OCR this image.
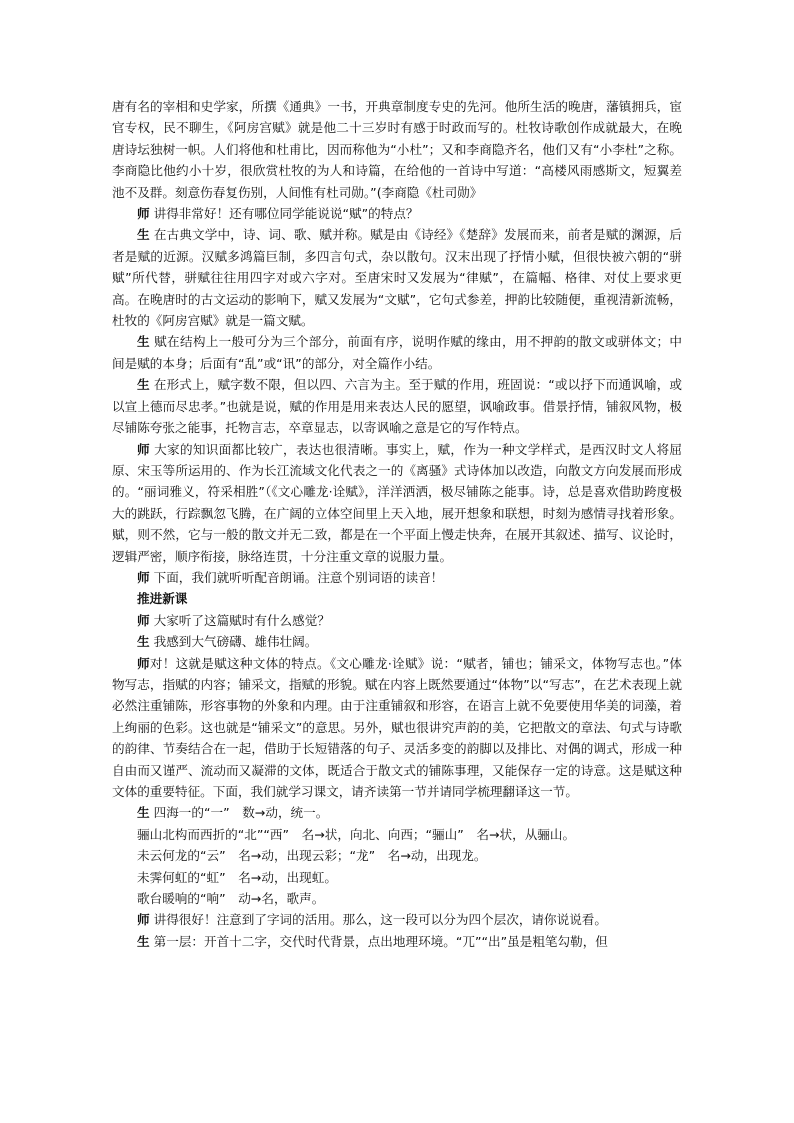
唐有名的宰相和史学家，所撰《通典》一书，开典章制度专史的先河。他所生活的晚唐，藩镇拥兵，宦官专权，民不聊生，《阿房宫赋》就是他二十三岁时有感于时政而写的。杜牧诗歌创作成就最大，在晚唐诗坛独树一帜。人们将他和杜甫比，因而称他为“小杜”；又和李商隐齐名，他们又有“小李杜”之称。李商隐比他约小十岁，很欣赏杜牧的为人和诗篇，在给他的一首诗中写道：“高楼风雨感斯文，短翼差池不及群。刻意伤春复伤别，人间惟有杜司勋。”(李商隐《杜司勋》

师 讲得非常好！还有哪位同学能说说“赋”的特点？

生 在古典文学中，诗、词、歌、赋并称。赋是由《诗经》《楚辞》发展而来，前者是赋的渊源，后者是赋的近源。汉赋多鸿篇巨制，多四言句式，杂以散句。汉末出现了抒情小赋，但很快被六朝的“骈赋”所代替，骈赋往往用四字对或六字对。至唐宋时又发展为“律赋”，在篇幅、格律、对仗上要求更高。在晚唐时的古文运动的影响下，赋又发展为“文赋”，它句式参差，押韵比较随便，重视清新流畅，杜牧的《阿房宫赋》就是一篇文赋。

生 赋在结构上一般可分为三个部分，前面有序，说明作赋的缘由，用不押韵的散文或骈体文；中间是赋的本身；后面有“乱”或“讯”的部分，对全篇作小结。

生 在形式上，赋字数不限，但以四、六言为主。至于赋的作用，班固说：“或以抒下而通讽喻，或以宣上德而尽忠孝。”也就是说，赋的作用是用来表达人民的愿望，讽喻政事。借景抒情，铺叙风物，极尽铺陈夸张之能事，托物言志，卒章显志，以寄讽喻之意是它的写作特点。

师 大家的知识面都比较广，表达也很清晰。事实上，赋，作为一种文学样式，是西汉时文人将屈原、宋玉等所运用的、作为长江流域文化代表之一的《离骚》式诗体加以改造，向散文方向发展而形成的。“丽词雅义，符采相胜”（《文心雕龙·诠赋》，洋洋洒洒，极尽铺陈之能事。诗，总是喜欢借助跨度极大的跳跃，行踪飘忽飞腾，在广阔的立体空间里上天入地，展开想象和联想，时刻为感情寻找着形象。赋，则不然，它与一般的散文并无二致，都是在一个平面上慢走快奔，在展开其叙述、描写、议论时，逻辑严密，顺序衔接，脉络连贯，十分注重文章的说服力量。

师 下面，我们就听听配音朗诵。注意个别词语的读音！

推进新课

师 大家听了这篇赋时有什么感觉？

生 我感到大气磅礴、雄伟壮阔。

师对！这就是赋这种文体的特点。《文心雕龙·诠赋》说：“赋者，铺也；铺采文，体物写志也。”体物写志，指赋的内容；铺采文，指赋的形貌。赋在内容上既然要通过“体物”以“写志”，在艺术表现上就必然注重铺陈，形容事物的外象和内理。由于注重铺叙和形容，在语言上就不免要使用华美的词藻，着上绚丽的色彩。这也就是“铺采文”的意思。另外，赋也很讲究声韵的美，它把散文的章法、句式与诗歌的韵律、节奏结合在一起，借助于长短错落的句子、灵活多变的韵脚以及排比、对偶的调式，形成一种自由而又谨严、流动而又凝滞的文体，既适合于散文式的铺陈事理，又能保存一定的诗意。这是赋这种文体的重要特征。下面，我们就学习课文，请齐读第一节并请同学梳理翻译这一节。

生 四海一的“一”　数→动，统一。

骊山北构而西折的“北”“西”　名→状，向北、向西；“骊山”　名→状，从骊山。

未云何龙的“云”　名→动，出现云彩；“龙”　名→动，出现龙。

未霁何虹的“虹”　名→动，出现虹。

歌台暖响的“响”　动→名，歌声。

师 讲得很好！注意到了字词的活用。那么，这一段可以分为四个层次，请你说说看。

生 第一层：开首十二字，交代时代背景，点出地理环境。“兀”“出”虽是粗笔勾勒，但
